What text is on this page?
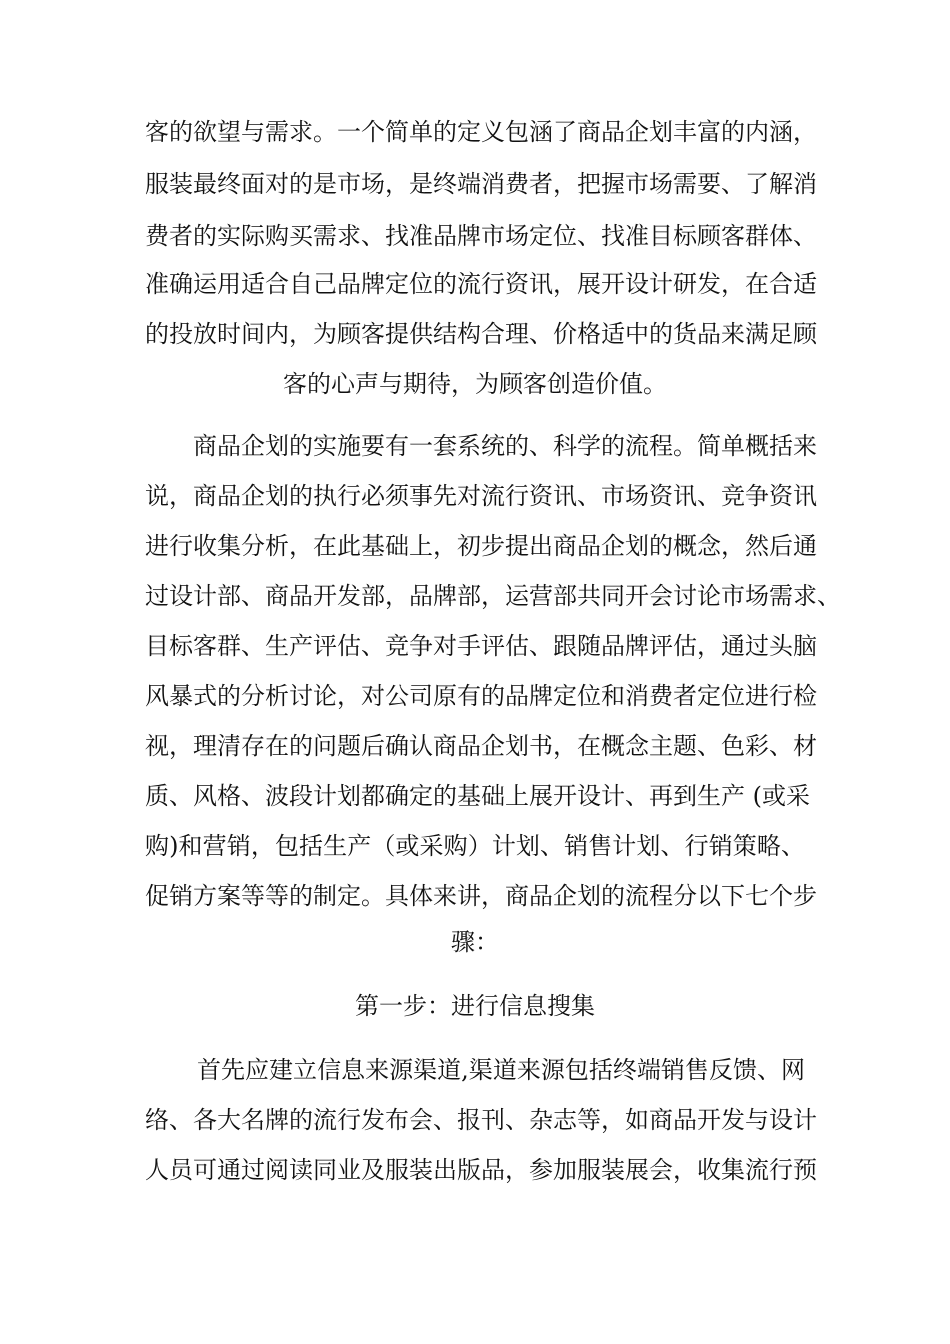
客的欲望与需求。一个简单的定义包涵了商品企划丰富的内涵，
服装最终面对的是市场，是终端消费者，把握市场需要、了解消
费者的实际购买需求、找准品牌市场定位、找准目标顾客群体、
准确运用适合自己品牌定位的流行资讯，展开设计研发，在合适
的投放时间内，为顾客提供结构合理、价格适中的货品来满足顾
客的心声与期待，为顾客创造价值。
商品企划的实施要有一套系统的、科学的流程。简单概括来
说，商品企划的执行必须事先对流行资讯、市场资讯、竞争资讯
进行收集分析，在此基础上，初步提出商品企划的概念，然后通
过设计部、商品开发部，品牌部，运营部共同开会讨论市场需求、
目标客群、生产评估、竞争对手评估、跟随品牌评估，通过头脑
风暴式的分析讨论，对公司原有的品牌定位和消费者定位进行检
视，理清存在的问题后确认商品企划书，在概念主题、色彩、材
质、风格、波段计划都确定的基础上展开设计、再到生产 (或采
购)和营销，包括生产（或采购）计划、销售计划、行销策略、
促销方案等等的制定。具体来讲，商品企划的流程分以下七个步
骤：
第一步：进行信息搜集
首先应建立信息来源渠道,渠道来源包括终端销售反馈、网
络、各大名牌的流行发布会、报刊、杂志等，如商品开发与设计
人员可通过阅读同业及服装出版品，参加服装展会，收集流行预
